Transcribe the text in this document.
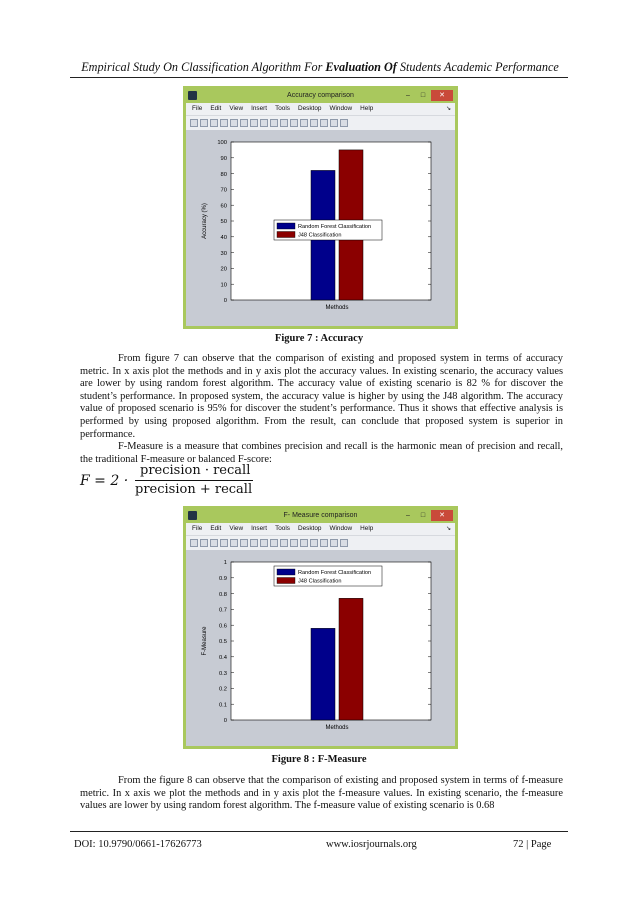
Empirical Study On Classification Algorithm For Evaluation Of Students Academic Performance
Accuracy comparison	–	□	✕
File Edit View Insert Tools Desktop Window Help	↘
0
10
20
30
40
50
60
70
80
90
100
Methods
Accuracy (%)	Random Forest Classification
J48 Classification
Figure 7 : Accuracy

From figure 7 can observe that the comparison of existing and proposed system in terms of accuracy metric. In x axis plot the methods and in y axis plot the accuracy values. In existing scenario, the accuracy values are lower by using random forest algorithm. The accuracy value of existing scenario is 82 % for discover the student’s performance. In proposed system, the accuracy value is higher by using the J48 algorithm. The accuracy value of proposed scenario is 95% for discover the student’s performance. Thus it shows that effective analysis is performed by using proposed algorithm. From the result, can conclude that proposed system is superior in performance.

F-Measure is a measure that combines precision and recall is the harmonic mean of precision and recall, the traditional F-measure or balanced F-score:

F = 2 ·
precision · recall
precision + recall
F- Measure comparison	–	□	✕
File Edit View Insert Tools Desktop Window Help	↘
0
0.1
0.2
0.3
0.4
0.5
0.6
0.7
0.8
0.9
1
Methods
F-Measure
Random Forest Classification
J48 Classification
Figure 8 : F-Measure

From the figure 8 can observe that the comparison of existing and proposed system in terms of f-measure metric. In x axis we plot the methods and in y axis plot the f-measure values. In existing scenario, the f-measure values are lower by using random forest algorithm. The f-measure value of existing scenario is 0.68

DOI: 10.9790/0661-17626773	www.iosrjournals.org	72 | Page
